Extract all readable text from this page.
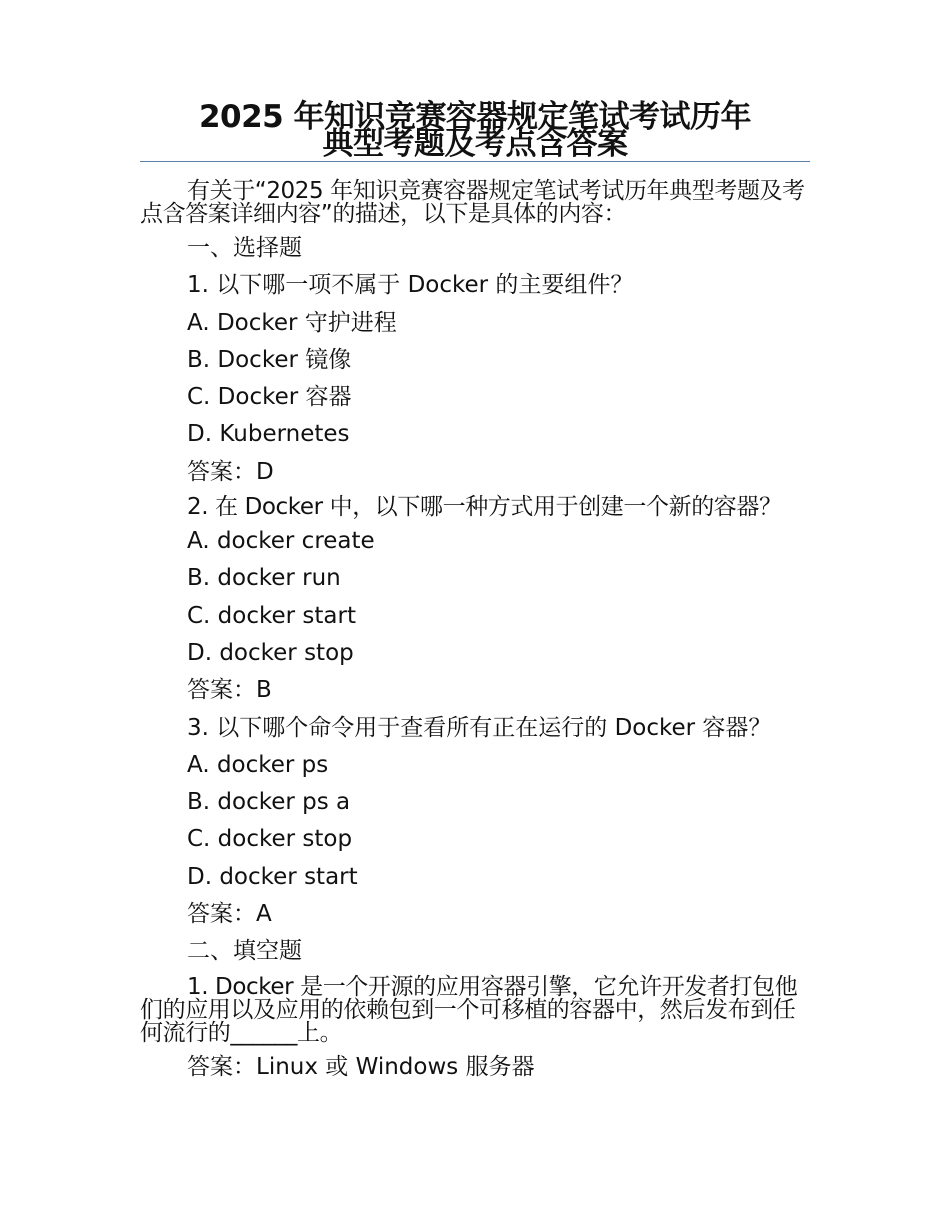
2025 年知识竞赛容器规定笔试考试历年
典型考题及考点含答案

有关于“2025 年知识竞赛容器规定笔试考试历年典型考题及考点含答案详细内容”的描述，以下是具体的内容：

一、选择题

1. 以下哪一项不属于 Docker 的主要组件？

A. Docker 守护进程

B. Docker 镜像

C. Docker 容器

D. Kubernetes

答案：D

2. 在 Docker 中，以下哪一种方式用于创建一个新的容器？

A. docker create

B. docker run

C. docker start

D. docker stop

答案：B

3. 以下哪个命令用于查看所有正在运行的 Docker 容器？

A. docker ps

B. docker ps a

C. docker stop

D. docker start

答案：A

二、填空题

1. Docker 是一个开源的应用容器引擎，它允许开发者打包他们的应用以及应用的依赖包到一个可移植的容器中，然后发布到任何流行的______上。

答案：Linux 或 Windows 服务器
